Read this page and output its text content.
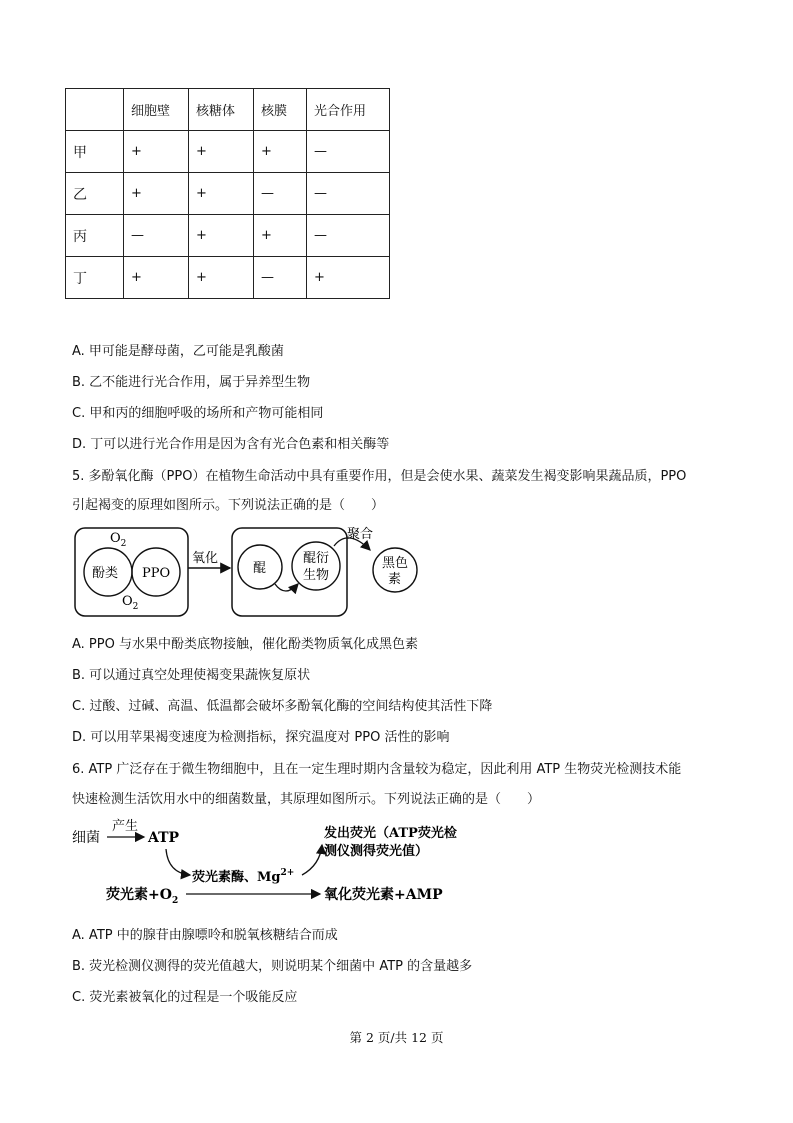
	细胞壁	核糖体	核膜	光合作用
甲	+	+	+	—
乙	+	+	—	—
丙	—	+	+	—
丁	+	+	—	+
A. 甲可能是酵母菌，乙可能是乳酸菌
B. 乙不能进行光合作用，属于异养型生物
C. 甲和丙的细胞呼吸的场所和产物可能相同
D. 丁可以进行光合作用是因为含有光合色素和相关酶等
5. 多酚氧化酶（PPO）在植物生命活动中具有重要作用，但是会使水果、蔬菜发生褐变影响果蔬品质，PPO
引起褐变的原理如图所示。下列说法正确的是（　　）
$O_2$
酚类 PPO
$O_2$
氧化
醌
醌衍
生物
聚合
黑色
素
A. PPO 与水果中酚类底物接触，催化酚类物质氧化成黑色素
B. 可以通过真空处理使褐变果蔬恢复原状
C. 过酸、过碱、高温、低温都会破坏多酚氧化酶的空间结构使其活性下降
D. 可以用苹果褐变速度为检测指标，探究温度对 PPO 活性的影响
6. ATP 广泛存在于微生物细胞中，且在一定生理时期内含量较为稳定，因此利用 ATP 生物荧光检测技术能
快速检测生活饮用水中的细菌数量，其原理如图所示。下列说法正确的是（　　）
细菌
产生
ATP
荧光素酶、$Mg^{2+}$
发出荧光（ATP荧光检
测仪测得荧光值）
荧光素$+O_2$	氧化荧光素+AMP
A. ATP 中的腺苷由腺嘌呤和脱氧核糖结合而成
B. 荧光检测仪测得的荧光值越大，则说明某个细菌中 ATP 的含量越多
C. 荧光素被氧化的过程是一个吸能反应
第 2 页/共 12 页
